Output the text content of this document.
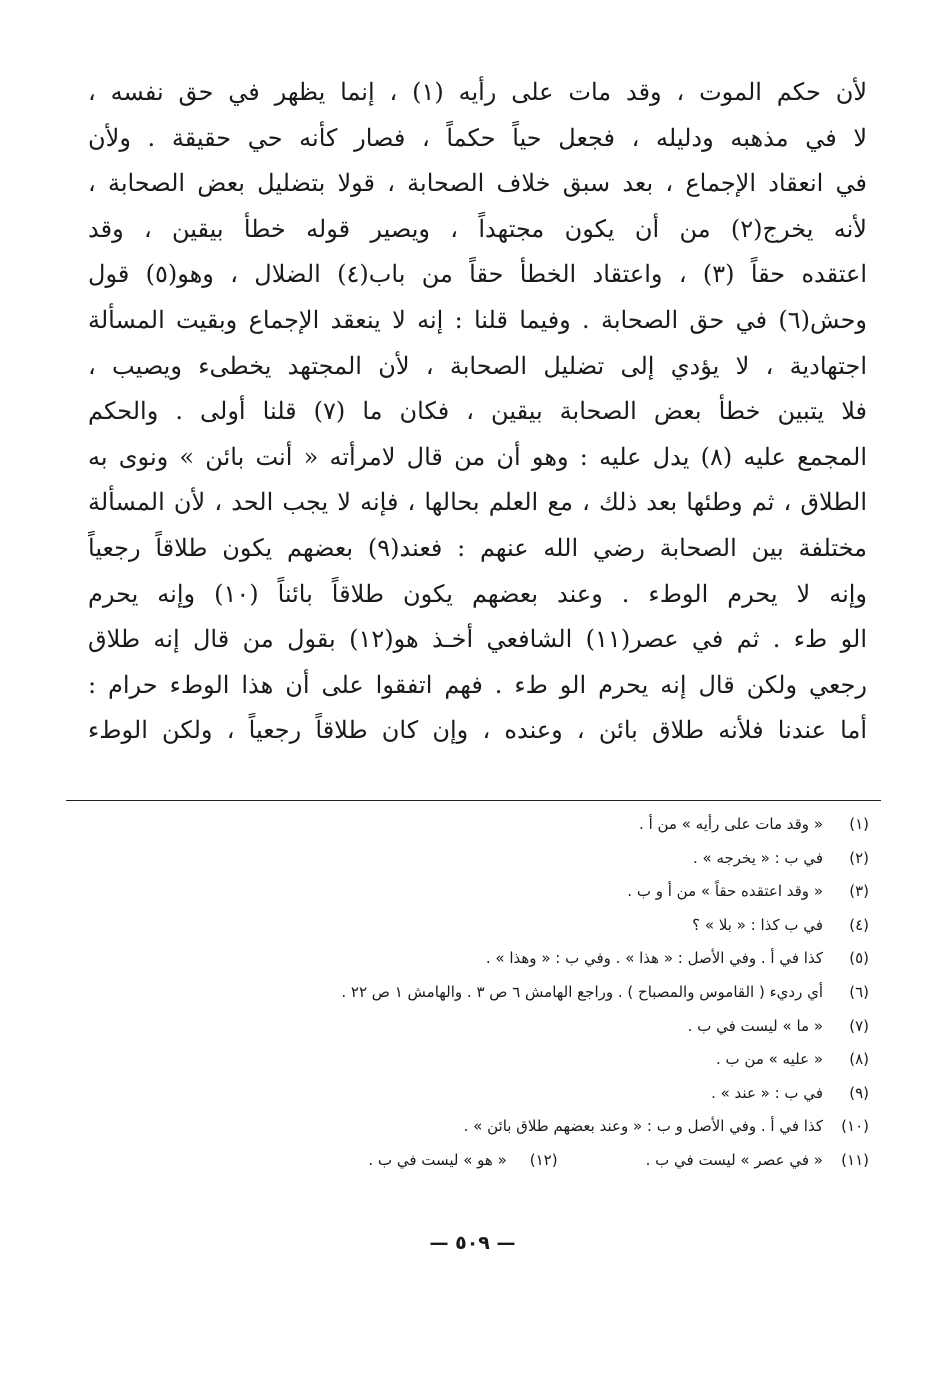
لأن حكم الموت ، وقد مات على رأيه (١) ، إنما يظهر في حق نفسه ،
لا في مذهبه ودليله ، فجعل حياً حكماً ، فصار كأنه حي حقيقة . ولأن
في انعقاد الإجماع ، بعد سبق خلاف الصحابة ، قولا بتضليل بعض الصحابة ،
لأنه يخرج(٢) من أن يكون مجتهداً ، ويصير قوله خطأ بيقين ، وقد
اعتقده حقاً (٣) ، واعتقاد الخطأ حقاً من باب(٤) الضلال ، وهو(٥) قول
وحش(٦) في حق الصحابة . وفيما قلنا : إنه لا ينعقد الإجماع وبقيت المسألة
اجتهادية ، لا يؤدي إلى تضليل الصحابة ، لأن المجتهد يخطىء ويصيب ،
فلا يتبين خطأ بعض الصحابة بيقين ، فكان ما (٧) قلنا أولى . والحكم
المجمع عليه (٨) يدل عليه : وهو أن من قال لامرأته « أنت بائن » ونوى به
الطلاق ، ثم وطئها بعد ذلك ، مع العلم بحالها ، فإنه لا يجب الحد ، لأن المسألة
مختلفة بين الصحابة رضي الله عنهم : فعند(٩) بعضهم يكون طلاقاً رجعياً
وإنه لا يحرم الوطء . وعند بعضهم يكون طلاقاً بائناً (١٠) وإنه يحرم
الو طء . ثم في عصر(١١) الشافعي أخـذ هو(١٢) بقول من قال إنه طلاق
رجعي ولكن قال إنه يحرم الو طء . فهم اتفقوا على أن هذا الوطء حرام :
أما عندنا فلأنه طلاق بائن ، وعنده ، وإن كان طلاقاً رجعياً ، ولكن الوطء
(١)
« وقد مات على رأيه » من أ .
(٢)
في ب : « يخرجه » .
(٣)
« وقد اعتقده حقاً » من أ و ب .
(٤)
في ب كذا : « بلا » ؟
(٥)
كذا في أ . وفي الأصل : « هذا » . وفي ب : « وهذا » .
(٦)
أي رديء ( القاموس والمصباح ) . وراجع الهامش ٦ ص ٣ . والهامش ١ ص ٢٢ .
(٧)
« ما » ليست في ب .
(٨)
« عليه » من ب .
(٩)
في ب : « عند » .
(١٠)
كذا في أ . وفي الأصل و ب : « وعند بعضهم طلاق بائن » .
(١١)
« في عصر » ليست في ب .
(١٢) « هو » ليست في ب .
— ٥٠٩ —
